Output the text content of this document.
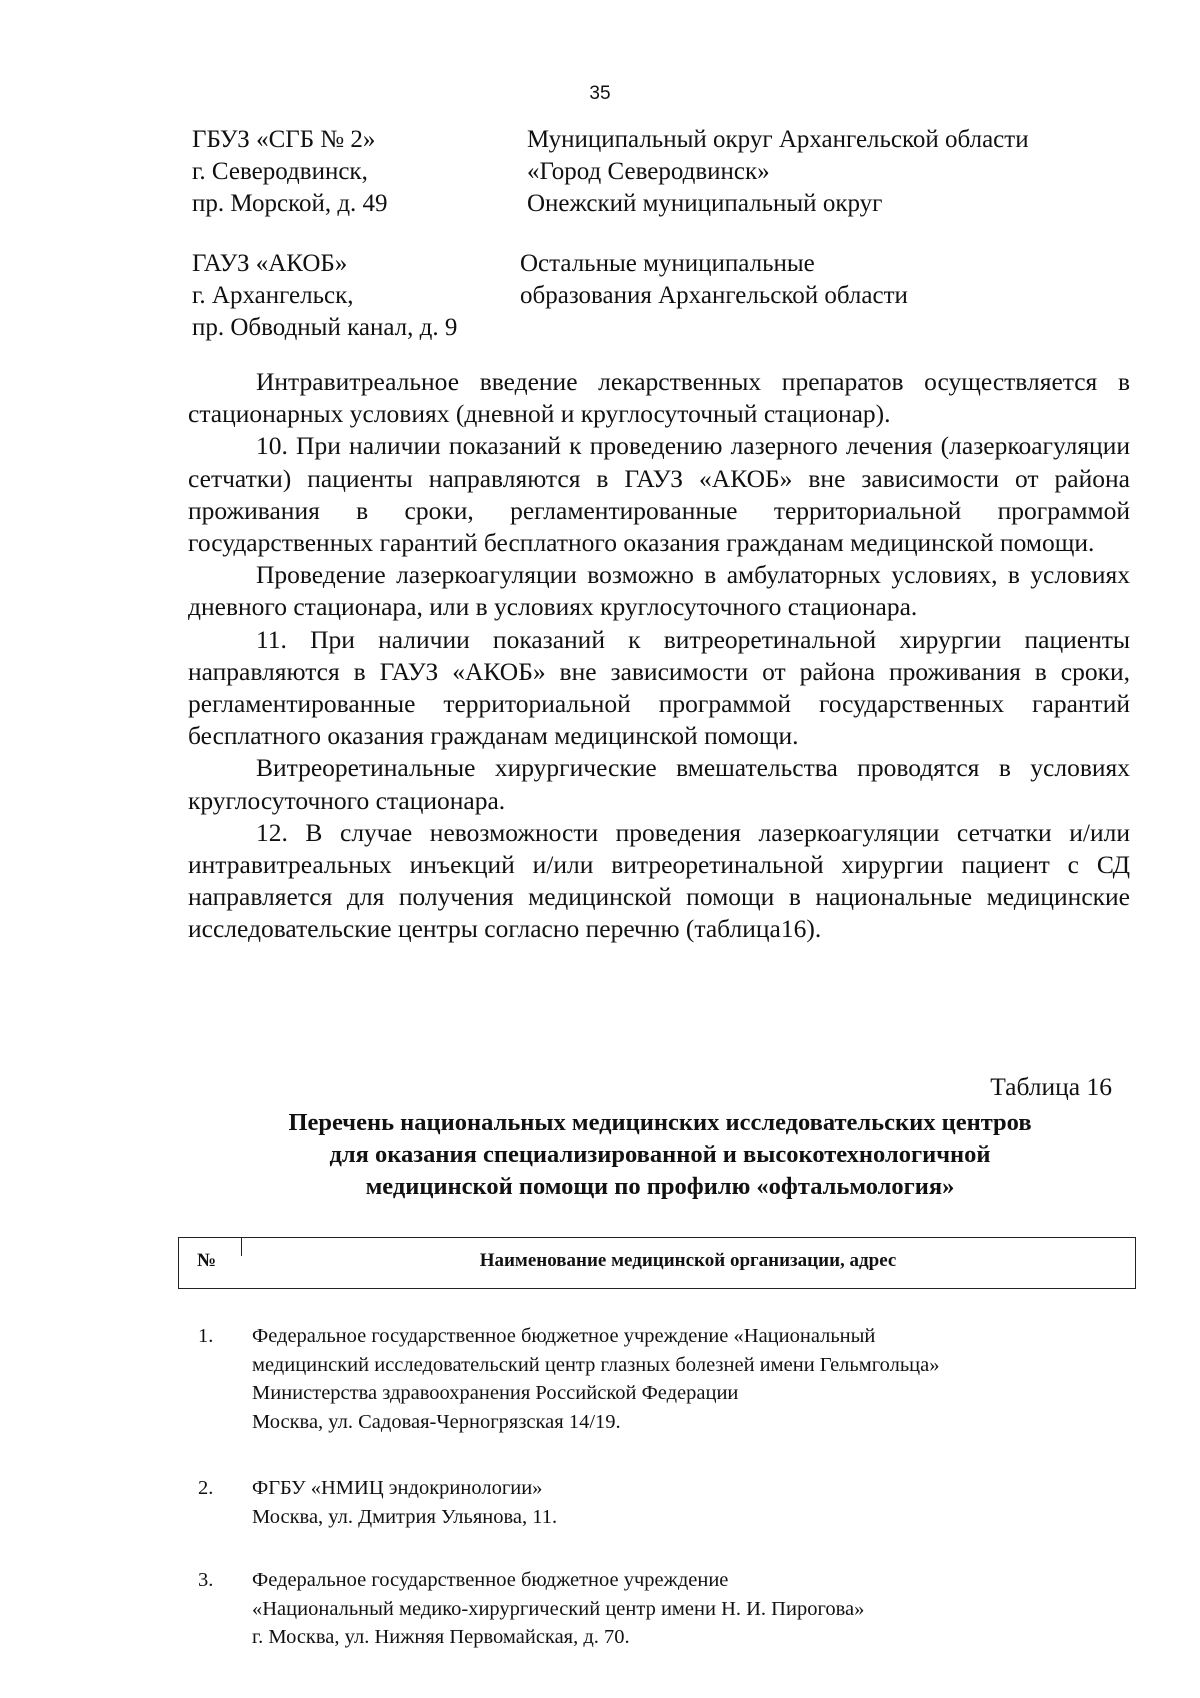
35
ГБУЗ «СГБ № 2»
г. Северодвинск,
пр. Морской, д. 49
Муниципальный округ Архангельской области
«Город Северодвинск»
Онежский муниципальный округ
ГАУЗ «АКОБ»
г. Архангельск,
пр. Обводный канал, д. 9
Остальные муниципальные
образования Архангельской области

Интравитреальное введение лекарственных препаратов осуществляется в стационарных условиях (дневной и круглосуточный стационар).

10. При наличии показаний к проведению лазерного лечения (лазеркоагуляции сетчатки) пациенты направляются в ГАУЗ «АКОБ» вне зависимости от района проживания в сроки, регламентированные территориальной программой государственных гарантий бесплатного оказания гражданам медицинской помощи.

Проведение лазеркоагуляции возможно в амбулаторных условиях, в условиях дневного стационара, или в условиях круглосуточного стационара.

11. При наличии показаний к витреоретинальной хирургии пациенты направляются в ГАУЗ «АКОБ» вне зависимости от района проживания в сроки, регламентированные территориальной программой государственных гарантий бесплатного оказания гражданам медицинской помощи.

Витреоретинальные хирургические вмешательства проводятся в условиях круглосуточного стационара.

12. В случае невозможности проведения лазеркоагуляции сетчатки и/или интравитреальных инъекций и/или витреоретинальной хирургии пациент с СД направляется для получения медицинской помощи в национальные медицинские исследовательские центры согласно перечню (таблица16).

Таблица 16
Перечень национальных медицинских исследовательских центров
для оказания специализированной и высокотехнологичной
медицинской помощи по профилю «офтальмология»
№	Наименование медицинской организации, адрес
1. Федеральное государственное бюджетное учреждение «Национальный
медицинский исследовательский центр глазных болезней имени Гельмгольца»
Министерства здравоохранения Российской Федерации
Москва, ул. Садовая-Черногрязская 14/19.
2. ФГБУ «НМИЦ эндокринологии»
Москва, ул. Дмитрия Ульянова, 11.
3. Федеральное государственное бюджетное учреждение
«Национальный медико-хирургический центр имени Н. И. Пирогова»
г. Москва, ул. Нижняя Первомайская, д. 70.
